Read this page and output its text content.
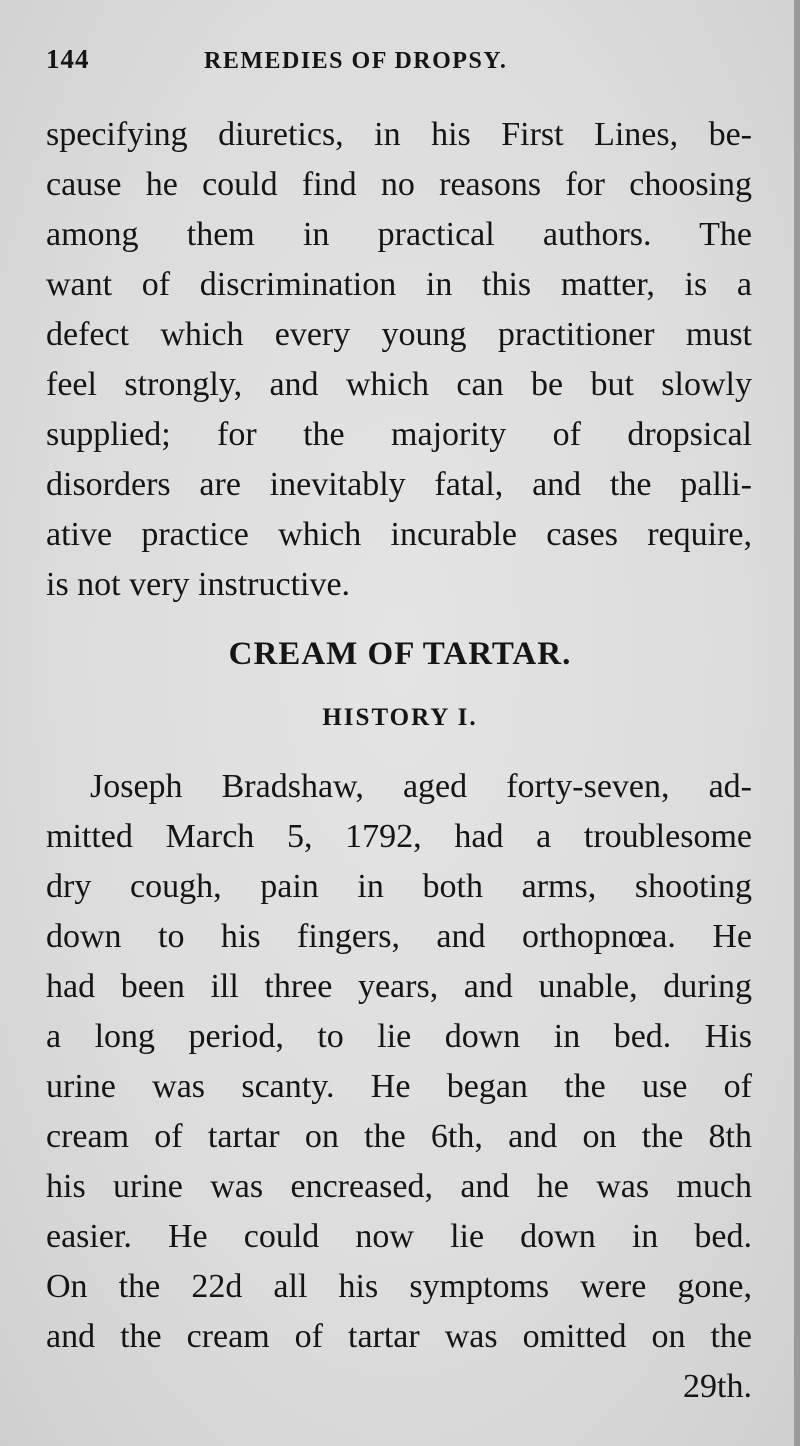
144	REMEDIES OF DROPSY.
specifying diuretics, in his First Lines, be-
cause he could find no reasons for choosing
among them in practical authors. The
want of discrimination in this matter, is a
defect which every young practitioner must
feel strongly, and which can be but slowly
supplied; for the majority of dropsical
disorders are inevitably fatal, and the palli-
ative practice which incurable cases require,
is not very instructive.
CREAM OF TARTAR.
HISTORY I.
Joseph Bradshaw, aged forty-seven, ad-
mitted March 5, 1792, had a troublesome
dry cough, pain in both arms, shooting
down to his fingers, and orthopnœa. He
had been ill three years, and unable, during
a long period, to lie down in bed. His
urine was scanty. He began the use of
cream of tartar on the 6th, and on the 8th
his urine was encreased, and he was much
easier. He could now lie down in bed.
On the 22d all his symptoms were gone,
and the cream of tartar was omitted on the
29th.
